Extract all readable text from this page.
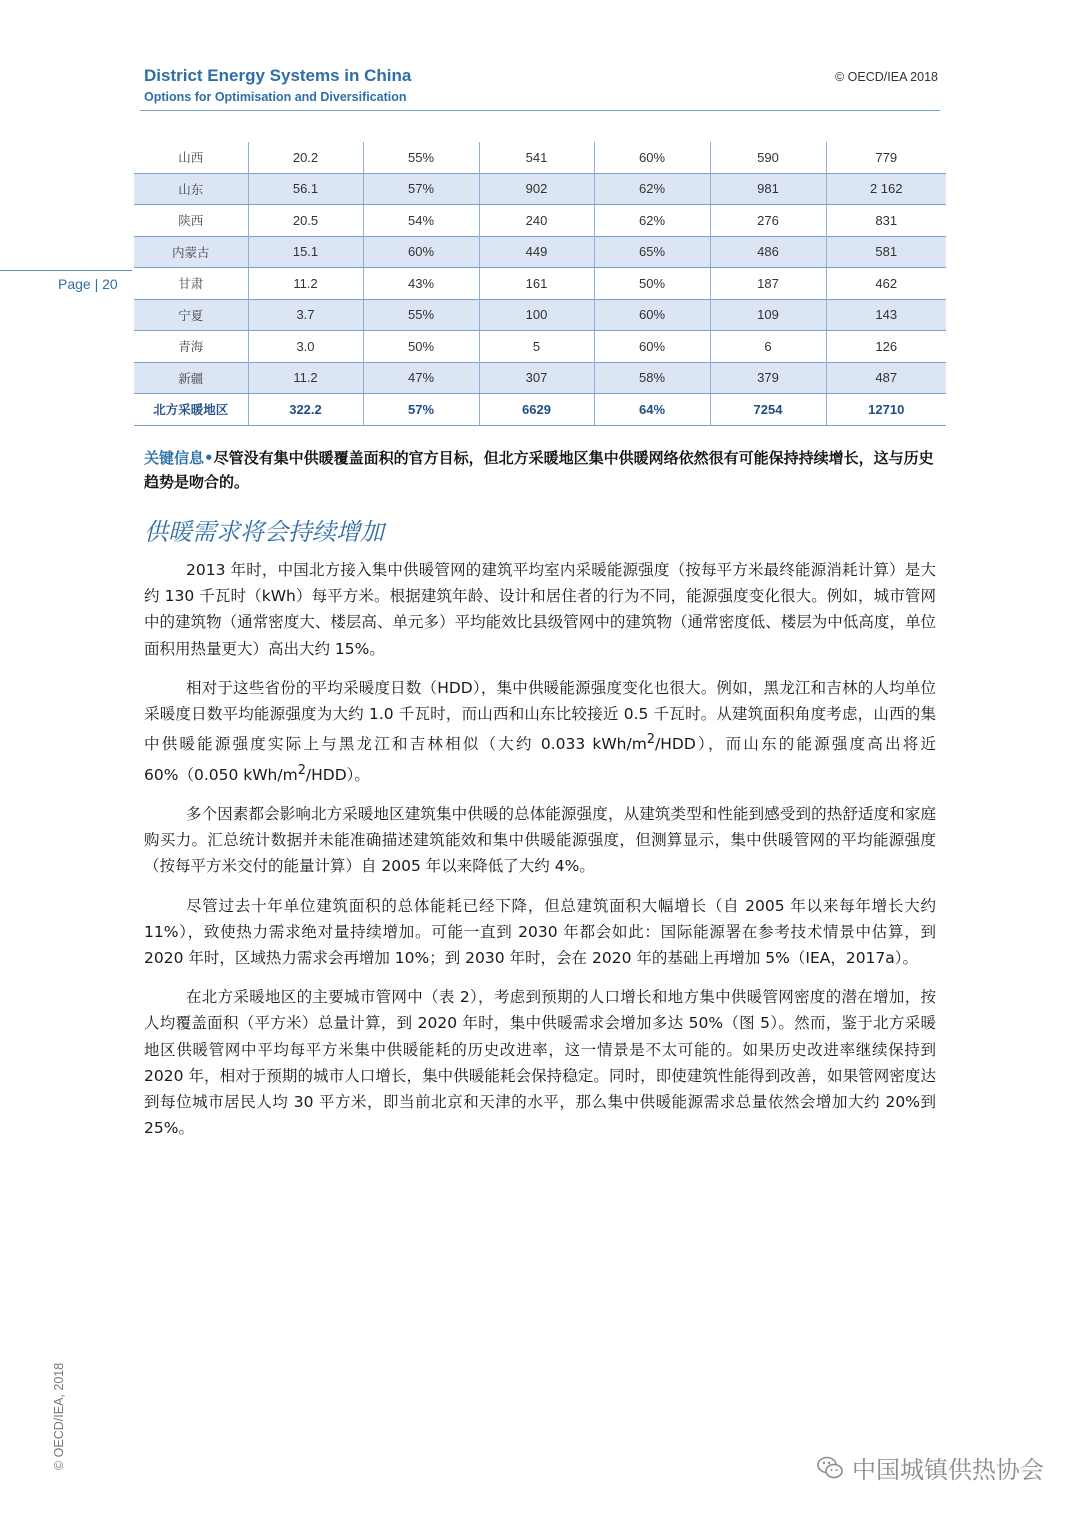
District Energy Systems in China
Options for Optimisation and Diversification
© OECD/IEA 2018
Page | 20
山西	20.2	55%	541	60%	590	779
山东	56.1	57%	902	62%	981	2 162
陕西	20.5	54%	240	62%	276	831
内蒙古	15.1	60%	449	65%	486	581
甘肃	11.2	43%	161	50%	187	462
宁夏	3.7	55%	100	60%	109	143
青海	3.0	50%	5	60%	6	126
新疆	11.2	47%	307	58%	379	487
北方采暖地区	322.2	57%	6629	64%	7254	12710
关键信息•尽管没有集中供暖覆盖面积的官方目标，但北方采暖地区集中供暖网络依然很有可能保持持续增长，这与历史趋势是吻合的。
供暖需求将会持续增加

2013 年时，中国北方接入集中供暖管网的建筑平均室内采暖能源强度（按每平方米最终能源消耗计算）是大约 130 千瓦时（kWh）每平方米。根据建筑年龄、设计和居住者的行为不同，能源强度变化很大。例如，城市管网中的建筑物（通常密度大、楼层高、单元多）平均能效比县级管网中的建筑物（通常密度低、楼层为中低高度，单位面积用热量更大）高出大约 15%。

相对于这些省份的平均采暖度日数（HDD），集中供暖能源强度变化也很大。例如，黑龙江和吉林的人均单位采暖度日数平均能源强度为大约 1.0 千瓦时，而山西和山东比较接近 0.5 千瓦时。从建筑面积角度考虑，山西的集中供暖能源强度实际上与黑龙江和吉林相似（大约 0.033 kWh/$m^2/HDD$），而山东的能源强度高出将近 60%（0.050 kWh/$m^2/HDD$）。

多个因素都会影响北方采暖地区建筑集中供暖的总体能源强度，从建筑类型和性能到感受到的热舒适度和家庭购买力。汇总统计数据并未能准确描述建筑能效和集中供暖能源强度，但测算显示，集中供暖管网的平均能源强度（按每平方米交付的能量计算）自 2005 年以来降低了大约 4%。

尽管过去十年单位建筑面积的总体能耗已经下降，但总建筑面积大幅增长（自 2005 年以来每年增长大约 11%），致使热力需求绝对量持续增加。可能一直到 2030 年都会如此：国际能源署在参考技术情景中估算，到 2020 年时，区域热力需求会再增加 10%；到 2030 年时，会在 2020 年的基础上再增加 5%（IEA，2017a）。

在北方采暖地区的主要城市管网中（表 2），考虑到预期的人口增长和地方集中供暖管网密度的潜在增加，按人均覆盖面积（平方米）总量计算，到 2020 年时，集中供暖需求会增加多达 50%（图 5）。然而，鉴于北方采暖地区供暖管网中平均每平方米集中供暖能耗的历史改进率，这一情景是不太可能的。如果历史改进率继续保持到 2020 年，相对于预期的城市人口增长，集中供暖能耗会保持稳定。同时，即使建筑性能得到改善，如果管网密度达到每位城市居民人均 30 平方米，即当前北京和天津的水平，那么集中供暖能源需求总量依然会增加大约 20%到 25%。

© OECD/IEA, 2018	中国城镇供热协会
